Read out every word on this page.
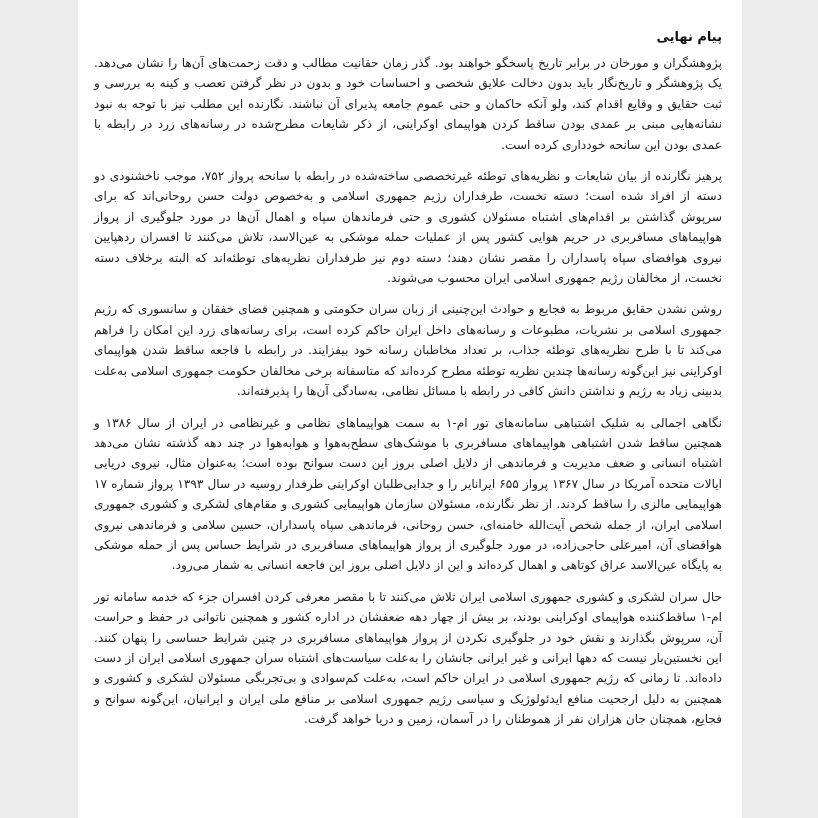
پیام نهایی

پژوهشگران و مورخان در برابر تاریخ پاسخگو خواهند بود. گذر زمان حقانیت مطالب و دقت زحمت‌های آن‌ها را نشان می‌دهد. یک پژوهشگر و تاریخ‌نگار باید بدون دخالت علایق شخصی و احساسات خود و بدون در نظر گرفتن تعصب و کینه به بررسی و ثبت حقایق و وقایع اقدام کند، ولو آنکه حاکمان و حتی عموم جامعه پذیرای آن نباشند. نگارنده این مطلب نیز با توجه به نبود نشانه‌هایی مبنی بر عمدی بودن ساقط کردن هواپیمای اوکراینی، از ذکر شایعات مطرح‌شده در رسانه‌های زرد در رابطه با عمدی بودن این سانحه خودداری کرده است.

پرهیز نگارنده از بیان شایعات و نظریه‌های توطئه غیرتخصصی ساخته‌شده در رابطه با سانحه پرواز ۷۵۲، موجب ناخشنودی دو دسته از افراد شده است؛ دسته نخست، طرفداران رژیم جمهوری اسلامی و به‌خصوص دولت حسن روحانی‌اند که برای سرپوش گذاشتن بر اقدام‌های اشتباه مسئولان کشوری و حتی فرماندهان سپاه و اهمال آن‌ها در مورد جلوگیری از پرواز هواپیماهای مسافربری در حریم هوایی کشور پس از عملیات حمله موشکی به عین‌الاسد، تلاش می‌کنند تا افسران ردهپایین نیروی هوافضای سپاه پاسداران را مقصر نشان دهند؛ دسته دوم نیز طرفداران نظریه‌های توطئه‌اند که البته برخلاف دسته نخست، از مخالفان رژیم جمهوری اسلامی ایران محسوب می‌شوند.

روشن نشدن حقایق مربوط به فجایع و حوادث این‌چنینی از زبان سران حکومتی و همچنین فضای خفقان و سانسوری که رژیم جمهوری اسلامی بر نشریات، مطبوعات و رسانه‌های داخل ایران حاکم کرده است، برای رسانه‌های زرد این امکان را فراهم می‌کند تا با طرح نظریه‌های توطئه جذاب، بر تعداد مخاطبان رسانه خود بیفزایند. در رابطه با فاجعه ساقط شدن هواپیمای اوکراینی نیز این‌گونه رسانه‌ها چندین نظریه توطئه مطرح کرده‌اند که متاسفانه برخی مخالفان حکومت جمهوری اسلامی به‌علت بدبینی زیاد به رژیم و نداشتن دانش کافی در رابطه با مسائل نظامی، به‌سادگی آن‌ها را پذیرفته‌اند.

نگاهی اجمالی به شلیک اشتباهی سامانه‌های تور ام-۱ به سمت هواپیماهای نظامی و غیرنظامی در ایران از سال ۱۳۸۶ و همچنین ساقط شدن اشتباهی هواپیماهای مسافربری با موشک‌های سطح‌به‌هوا و هوابه‌هوا در چند دهه گذشته نشان می‌دهد اشتباه انسانی و ضعف مدیریت و فرماندهی از دلایل اصلی بروز این دست سوانح بوده است؛ به‌عنوان مثال، نیروی دریایی ایالات متحده آمریکا در سال ۱۳۶۷ پرواز ۶۵۵ ایرانایر را و جدایی‌طلبان اوکراینی طرفدار روسیه در سال ۱۳۹۳ پرواز شماره ۱۷ هواپیمایی مالزی را ساقط کردند. از نظر نگارنده، مسئولان سازمان هواپیمایی کشوری و مقام‌های لشکری و کشوری جمهوری اسلامی ایران، از جمله شخص آیت‌الله خامنه‌ای، حسن روحانی، فرماندهی سپاه پاسداران، حسین سلامی و فرماندهی نیروی هوافضای آن، امیرعلی حاجی‌زاده، در مورد جلوگیری از پرواز هواپیماهای مسافربری در شرایط حساس پس از حمله موشکی به پایگاه عین‌الاسد عراق کوتاهی و اهمال کرده‌اند و این از دلایل اصلی بروز این فاجعه انسانی به شمار می‌رود.

حال سران لشکری و کشوری جمهوری اسلامی ایران تلاش می‌کنند تا با مقصر معرفی کردن افسران جزء که خدمه سامانه تور ام-۱ ساقط‌کننده هواپیمای اوکراینی بودند، بر بیش از چهار دهه ضعفشان در اداره کشور و همچنین ناتوانی در حفظ و حراست آن، سرپوش بگذارند و نقش خود در جلوگیری نکردن از پرواز هواپیماهای مسافربری در چنین شرایط حساسی را پنهان کنند. این نخستین‌بار نیست که دهها ایرانی و غیر ایرانی جانشان را به‌علت سیاست‌های اشتباه سران جمهوری اسلامی ایران از دست داده‌اند. تا زمانی که رژیم جمهوری اسلامی در ایران حاکم است، به‌علت کم‌سوادی و بی‌تجربگی مسئولان لشکری و کشوری و همچنین به دلیل ارجحیت منافع ایدئولوژیک و سیاسی رژیم جمهوری اسلامی بر منافع ملی ایران و ایرانیان، این‌گونه سوانح و فجایع، همچنان جان هزاران نفر از هموطنان را در آسمان، زمین و دریا خواهد گرفت.
